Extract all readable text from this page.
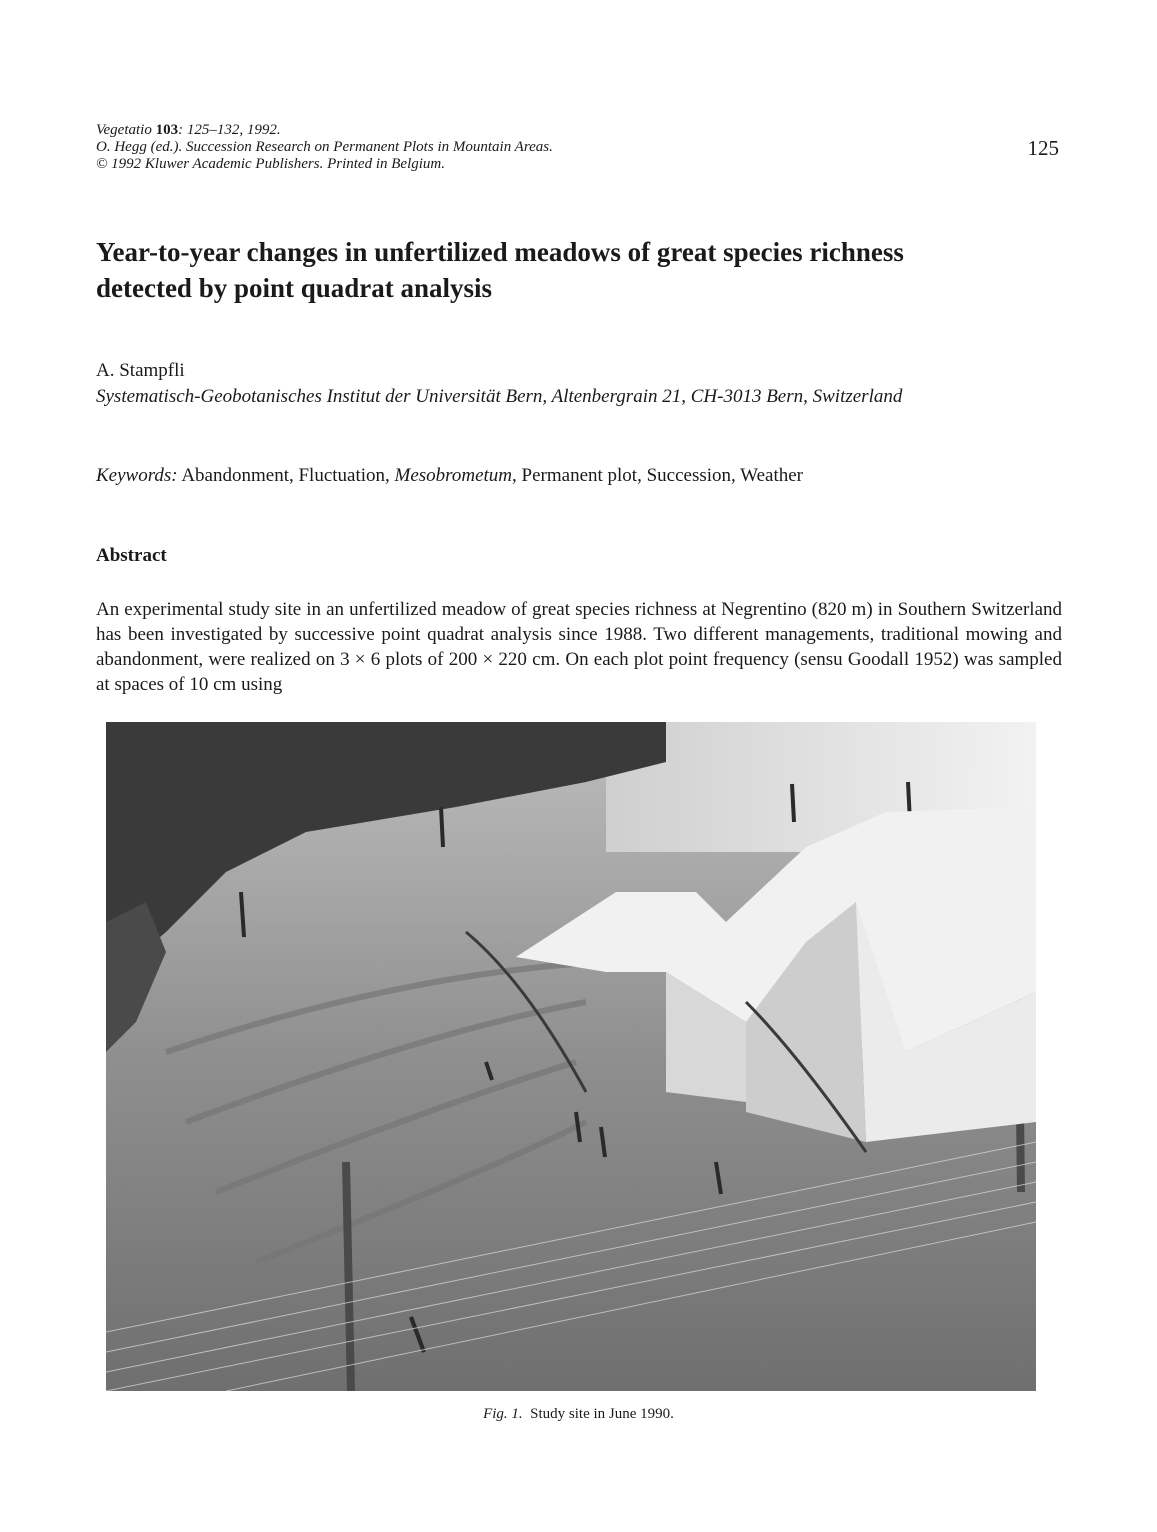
Vegetatio 103: 125–132, 1992.
O. Hegg (ed.). Succession Research on Permanent Plots in Mountain Areas.
© 1992 Kluwer Academic Publishers. Printed in Belgium.
125
Year-to-year changes in unfertilized meadows of great species richness
detected by point quadrat analysis
A. Stampfli
Systematisch-Geobotanisches Institut der Universität Bern, Altenbergrain 21, CH-3013 Bern, Switzerland
Keywords: Abandonment, Fluctuation, Mesobrometum, Permanent plot, Succession, Weather
Abstract

An experimental study site in an unfertilized meadow of great species richness at Negrentino (820 m) in Southern Switzerland has been investigated by successive point quadrat analysis since 1988. Two different managements, traditional mowing and abandonment, were realized on 3 × 6 plots of 200 × 220 cm. On each plot point frequency (sensu Goodall 1952) was sampled at spaces of 10 cm using

Fig. 1. Study site in June 1990.
